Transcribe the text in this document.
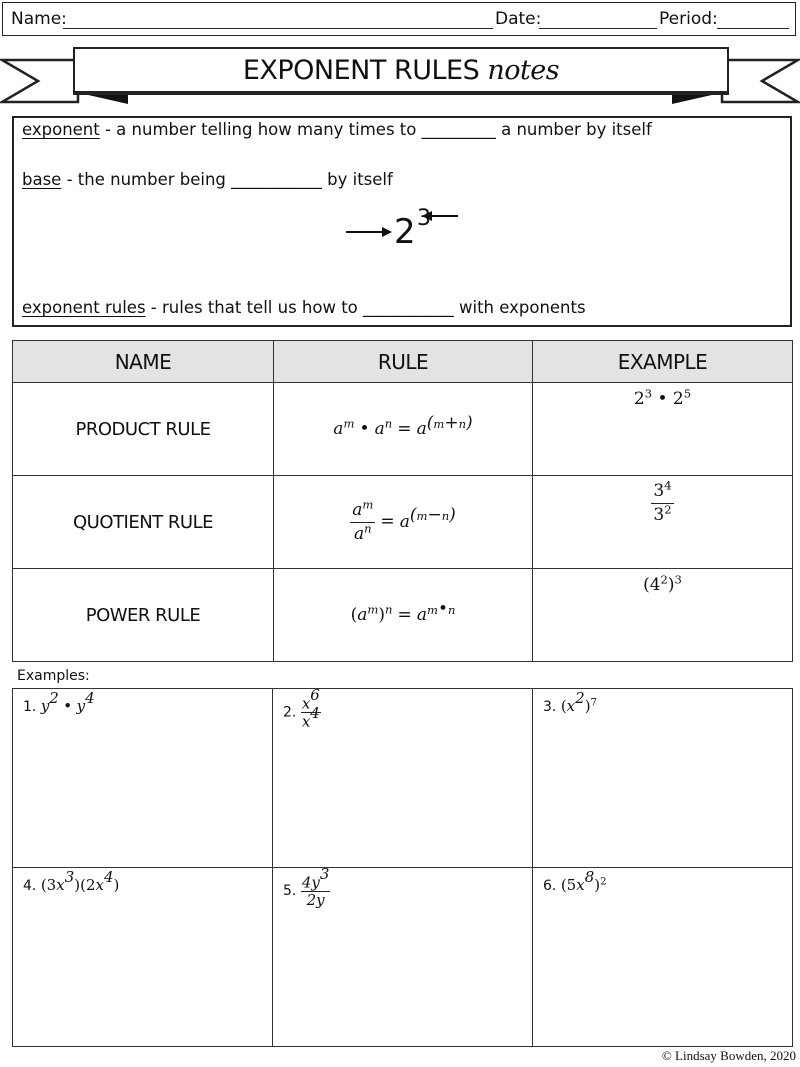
Name:	Date:	Period:
EXPONENT RULES notes
exponent - a number telling how many times to _________ a number by itself
base - the number being ___________ by itself
2 3
exponent rules - rules that tell us how to ___________ with exponents
NAME	RULE	EXAMPLE
PRODUCT RULE	$a^m$ • $a^n = a^{(m+n)}$	$2^3$ • $2^5$

QUOTIENT RULE	$\frac{a^m}{a^n} = a^{(m-n)}$	$\frac{3^4}{3^2}$

POWER RULE	$(a^m)^n = a^{m•n}$	$(4^2)^3$
Examples:
1. $y^2$ • $y^4$	2. $\frac{x^6}{x^4}$	3. $(x^2)^7$

4. $(3x^3)(2x^4)$	5. $\frac{4y^3}{2y}$	6. $(5x^8)^2$
© Lindsay Bowden, 2020
